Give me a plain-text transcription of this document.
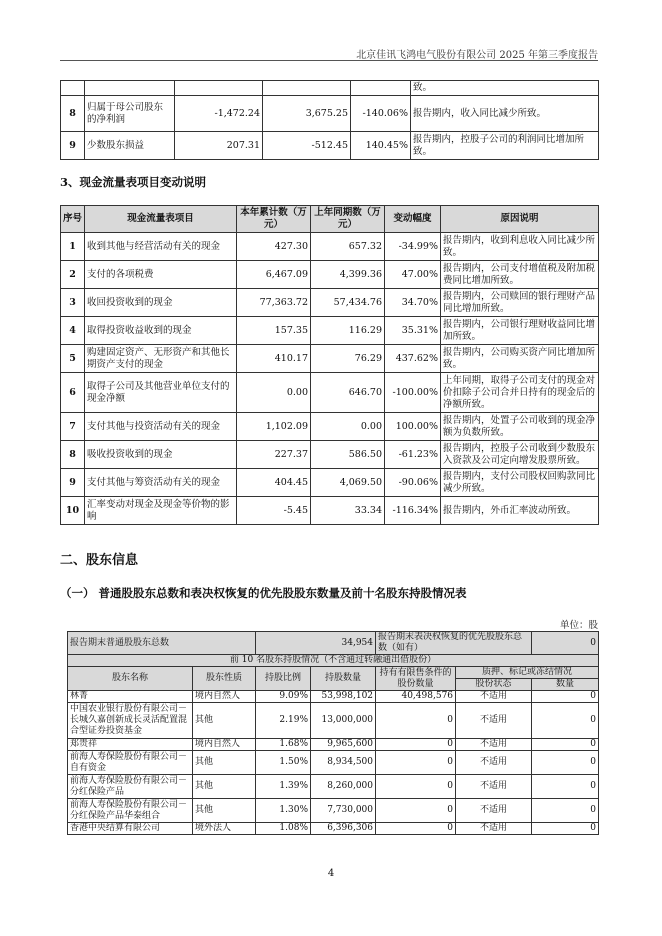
北京佳讯飞鸿电气股份有限公司 2025 年第三季度报告
					致。
8	归属于母公司股东的净利润	-1,472.24	3,675.25	-140.06%	报告期内，收入同比减少所致。
9	少数股东损益	207.31	-512.45	140.45%	报告期内，控股子公司的利润同比增加所致。
3、现金流量表项目变动说明
序号	现金流量表项目	本年累计数（万元）	上年同期数（万元）	变动幅度	原因说明
1	收到其他与经营活动有关的现金	427.30	657.32	-34.99%	报告期内，收到利息收入同比减少所致。
2	支付的各项税费	6,467.09	4,399.36	47.00%	报告期内，公司支付增值税及附加税费同比增加所致。
3	收回投资收到的现金	77,363.72	57,434.76	34.70%	报告期内，公司赎回的银行理财产品同比增加所致。
4	取得投资收益收到的现金	157.35	116.29	35.31%	报告期内，公司银行理财收益同比增加所致。
5	购建固定资产、无形资产和其他长期资产支付的现金	410.17	76.29	437.62%	报告期内，公司购买资产同比增加所致。
6	取得子公司及其他营业单位支付的现金净额	0.00	646.70	-100.00%	上年同期，取得子公司支付的现金对价扣除子公司合并日持有的现金后的净额所致。
7	支付其他与投资活动有关的现金	1,102.09	0.00	100.00%	报告期内，处置子公司收到的现金净额为负数所致。
8	吸收投资收到的现金	227.37	586.50	-61.23%	报告期内，控股子公司收到少数股东入资款及公司定向增发股票所致。
9	支付其他与筹资活动有关的现金	404.45	4,069.50	-90.06%	报告期内，支付公司股权回购款同比减少所致。
10	汇率变动对现金及现金等价物的影响	-5.45	33.34	-116.34%	报告期内，外币汇率波动所致。
二、股东信息
（一） 普通股股东总数和表决权恢复的优先股股东数量及前十名股东持股情况表
单位：股
报告期末普通股股东总数		34,954		报告期末表决权恢复的优先股股东总数（如有）		0
前 10 名股东持股情况（不含通过转融通出借股份）						
股东名称	股东性质	持股比例	持股数量	持有有限售条件的股份数量	质押、标记或冻结情况	
					股份状态	数量
林菁	境内自然人	9.09%	53,998,102	40,498,576	不适用	0
中国农业银行股份有限公司－长城久嘉创新成长灵活配置混合型证券投资基金	其他	2.19%	13,000,000	0	不适用	0
郑贵祥	境内自然人	1.68%	9,965,600	0	不适用	0
前海人寿保险股份有限公司－自有资金	其他	1.50%	8,934,500	0	不适用	0
前海人寿保险股份有限公司－分红保险产品	其他	1.39%	8,260,000	0	不适用	0
前海人寿保险股份有限公司－分红保险产品华泰组合	其他	1.30%	7,730,000	0	不适用	0
香港中央结算有限公司	境外法人	1.08%	6,396,306	0	不适用	0
4
